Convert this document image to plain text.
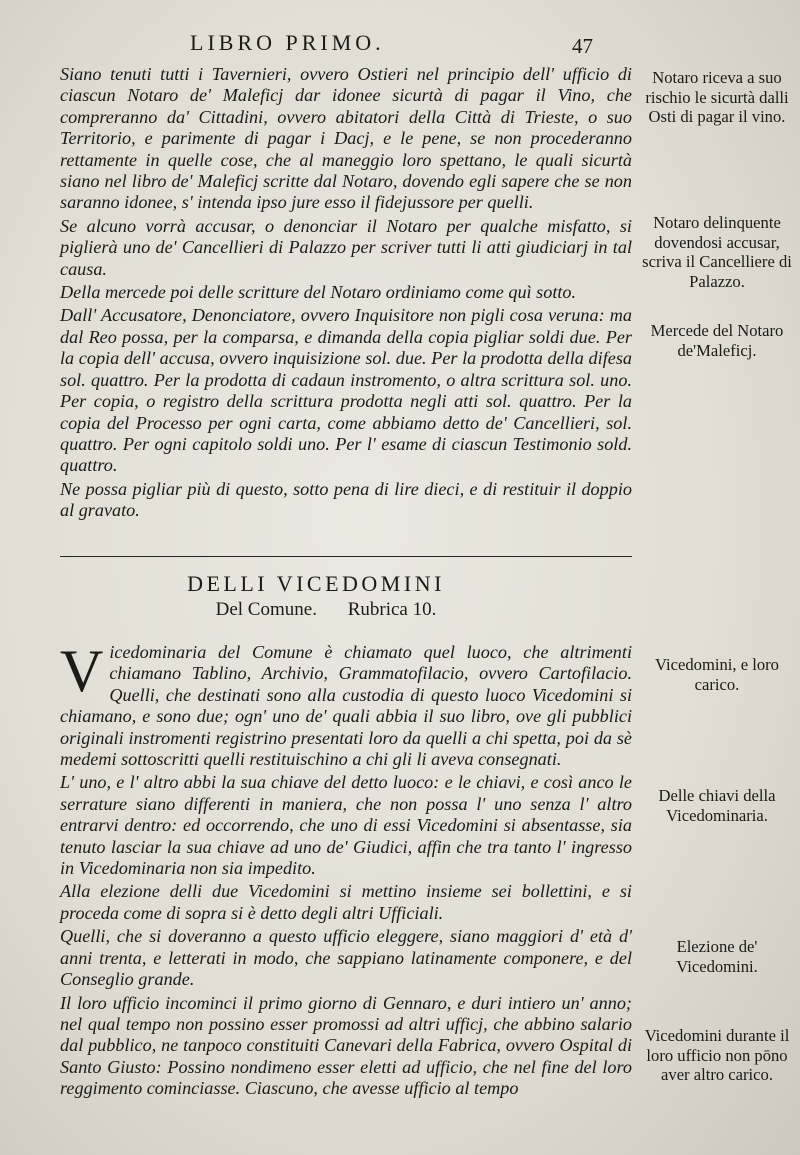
LIBRO PRIMO.	47

Siano tenuti tutti i Tavernieri, ovvero Ostieri nel principio dell' ufficio di ciascun Notaro de' Maleficj dar idonee sicurtà di pagar il Vino, che compreranno da' Cittadini, ovvero abitatori della Città di Trieste, o suo Territorio, e parimente di pagar i Dacj, e le pene, se non procederanno rettamente in quelle cose, che al maneggio loro spettano, le quali sicurtà siano nel libro de' Maleficj scritte dal Notaro, dovendo egli sapere che se non saranno idonee, s' intenda ipso jure esso il fidejussore per quelli.

Se alcuno vorrà accusar, o denonciar il Notaro per qualche misfatto, si piglierà uno de' Cancellieri di Palazzo per scriver tutti li atti giudiciarj in tal causa.

Della mercede poi delle scritture del Notaro ordiniamo come quì sotto.

Dall' Accusatore, Denonciatore, ovvero Inquisitore non pigli cosa veruna: ma dal Reo possa, per la comparsa, e dimanda della copia pigliar soldi due. Per la copia dell' accusa, ovvero inquisizione sol. due. Per la prodotta della difesa sol. quattro. Per la prodotta di cadaun instromento, o altra scrittura sol. uno. Per copia, o registro della scrittura prodotta negli atti sol. quattro. Per la copia del Processo per ogni carta, come abbiamo detto de' Cancellieri, sol. quattro. Per ogni capitolo soldi uno. Per l' esame di ciascun Testimonio sold. quattro.

Ne possa pigliar più di questo, sotto pena di lire dieci, e di restituir il doppio al gravato.

DELLI VICEDOMINI
Del Comune. Rubrica 10.

Vicedominaria del Comune è chiamato quel luoco, che altrimenti chiamano Tablino, Archivio, Grammatofilacio, ovvero Cartofilacio. Quelli, che destinati sono alla custodia di questo luoco Vicedomini si chiamano, e sono due; ogn' uno de' quali abbia il suo libro, ove gli pubblici originali instromenti registrino presentati loro da quelli a chi spetta, poi da sè medemi sottoscritti quelli restituischino a chi gli li aveva consegnati.

L' uno, e l' altro abbi la sua chiave del detto luoco: e le chiavi, e così anco le serrature siano differenti in maniera, che non possa l' uno senza l' altro entrarvi dentro: ed occorrendo, che uno di essi Vicedomini si absentasse, sia tenuto lasciar la sua chiave ad uno de' Giudici, affin che tra tanto l' ingresso in Vicedominaria non sia impedito.

Alla elezione delli due Vicedomini si mettino insieme sei bollettini, e si proceda come di sopra si è detto degli altri Ufficiali.

Quelli, che si doveranno a questo ufficio eleggere, siano maggiori d' età d' anni trenta, e letterati in modo, che sappiano latinamente componere, e del Conseglio grande.

Il loro ufficio incominci il primo giorno di Gennaro, e duri intiero un' anno; nel qual tempo non possino esser promossi ad altri ufficj, che abbino salario dal pubblico, ne tanpoco constituiti Canevari della Fabrica, ovvero Ospital di Santo Giusto: Possino nondimeno esser eletti ad ufficio, che nel fine del loro reggimento cominciasse. Ciascuno, che avesse ufficio al tempo

Notaro riceva a suo rischio le sicurtà dalli Osti di pagar il vino.
Notaro delinquente dovendosi accusar, scriva il Cancelliere di Palazzo.
Mercede del Notaro de'Maleficj.
Vicedomini, e loro carico.
Delle chiavi della Vicedominaria.
Elezione de' Vicedomini.
Vicedomini durante il loro ufficio non pōno aver altro carico.
